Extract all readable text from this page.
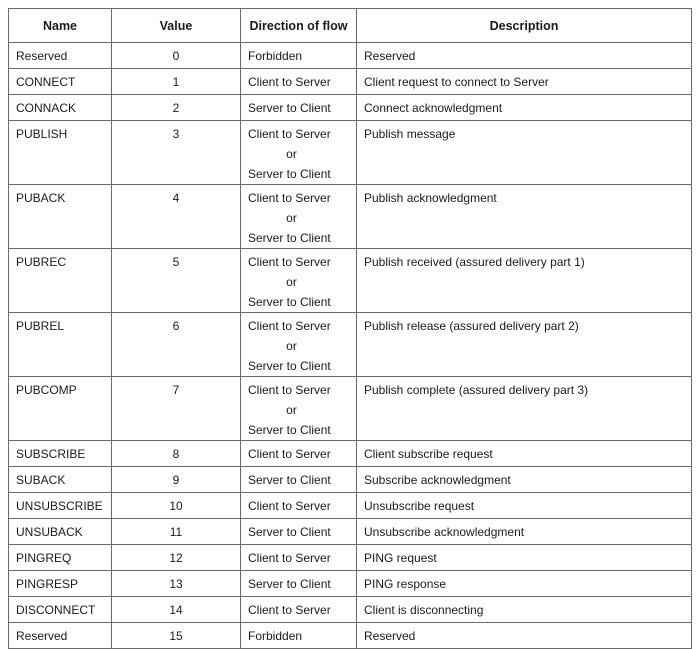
Name	Value	Direction of flow	Description
Reserved	0	Forbidden	Reserved
CONNECT	1	Client to Server	Client request to connect to Server
CONNACK	2	Server to Client	Connect acknowledgment
PUBLISH	3	Client to Server
or
Server to Client	Publish message
PUBACK	4	Client to Server
or
Server to Client	Publish acknowledgment
PUBREC	5	Client to Server
or
Server to Client	Publish received (assured delivery part 1)
PUBREL	6	Client to Server
or
Server to Client	Publish release (assured delivery part 2)
PUBCOMP	7	Client to Server
or
Server to Client	Publish complete (assured delivery part 3)
SUBSCRIBE	8	Client to Server	Client subscribe request
SUBACK	9	Server to Client	Subscribe acknowledgment
UNSUBSCRIBE	10	Client to Server	Unsubscribe request
UNSUBACK	11	Server to Client	Unsubscribe acknowledgment
PINGREQ	12	Client to Server	PING request
PINGRESP	13	Server to Client	PING response
DISCONNECT	14	Client to Server	Client is disconnecting
Reserved	15	Forbidden	Reserved
